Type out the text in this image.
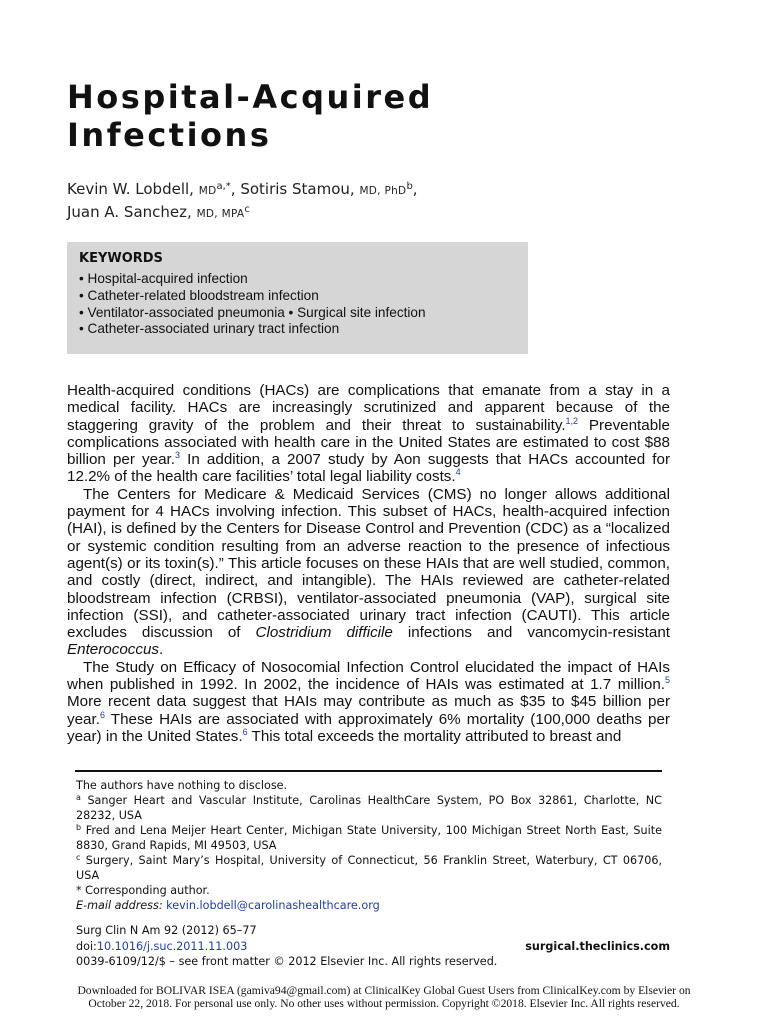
Hospital-Acquired
Infections
Kevin W. Lobdell, $MD^{a,*}$, Sotiris Stamou, MD, PhD$^b$,
Juan A. Sanchez, MD, MPA$^c$
KEYWORDS
• Hospital-acquired infection
• Catheter-related bloodstream infection
• Ventilator-associated pneumonia • Surgical site infection
• Catheter-associated urinary tract infection

Health-acquired conditions (HACs) are complications that emanate from a stay in a medical facility. HACs are increasingly scrutinized and apparent because of the staggering gravity of the problem and their threat to sustainability.$^{1,2}$ Preventable complications associated with health care in the United States are estimated to cost $88 billion per year.$^3$ In addition, a 2007 study by Aon suggests that HACs accounted for 12.2% of the health care facilities’ total legal liability costs.$^4$

The Centers for Medicare & Medicaid Services (CMS) no longer allows additional payment for 4 HACs involving infection. This subset of HACs, health-acquired infection (HAI), is defined by the Centers for Disease Control and Prevention (CDC) as a “localized or systemic condition resulting from an adverse reaction to the presence of infectious agent(s) or its toxin(s).” This article focuses on these HAIs that are well studied, common, and costly (direct, indirect, and intangible). The HAIs reviewed are catheter-related bloodstream infection (CRBSI), ventilator-associated pneumonia (VAP), surgical site infection (SSI), and catheter-associated urinary tract infection (CAUTI). This article excludes discussion of Clostridium difficile infections and vancomycin-resistant Enterococcus.

The Study on Efficacy of Nosocomial Infection Control elucidated the impact of HAIs when published in 1992. In 2002, the incidence of HAIs was estimated at 1.7 million.$^5$ More recent data suggest that HAIs may contribute as much as $35 to $45 billion per year.$^6$ These HAIs are associated with approximately 6% mortality (100,000 deaths per year) in the United States.$^6$ This total exceeds the mortality attributed to breast and

The authors have nothing to disclose.
$^a$ Sanger Heart and Vascular Institute, Carolinas HealthCare System, PO Box 32861, Charlotte, NC 28232, USA
$^b$ Fred and Lena Meijer Heart Center, Michigan State University, 100 Michigan Street North East, Suite 8830, Grand Rapids, MI 49503, USA
$^c$ Surgery, Saint Mary’s Hospital, University of Connecticut, 56 Franklin Street, Waterbury, CT 06706, USA
* Corresponding author.
E-mail address: kevin.lobdell@carolinashealthcare.org
Surg Clin N Am 92 (2012) 65–77
doi:10.1016/j.suc.2011.11.003	surgical.theclinics.com
0039-6109/12/$ – see front matter © 2012 Elsevier Inc. All rights reserved.
Downloaded for BOLIVAR ISEA (gamiva94@gmail.com) at ClinicalKey Global Guest Users from ClinicalKey.com by Elsevier on
October 22, 2018. For personal use only. No other uses without permission. Copyright ©2018. Elsevier Inc. All rights reserved.
